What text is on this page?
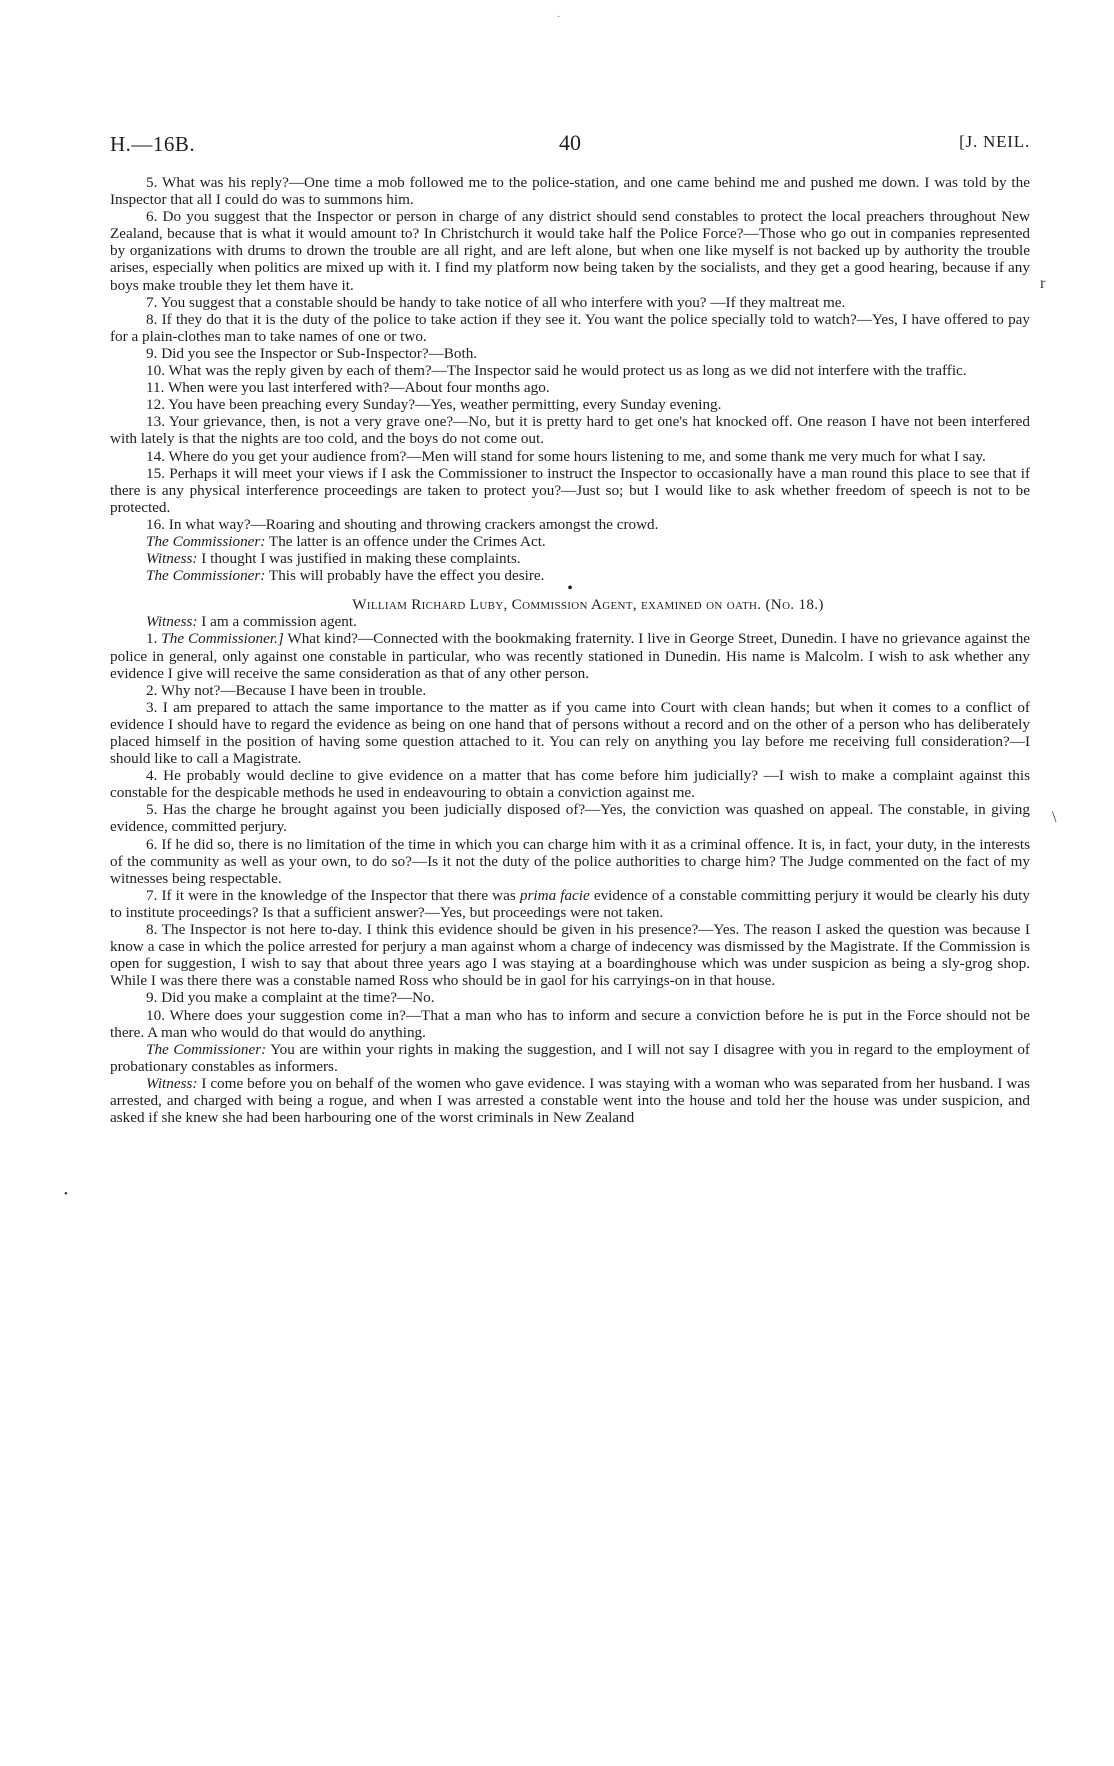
·
r
\
•
H.—16B.	40	[J. NEIL.

5. What was his reply?—One time a mob followed me to the police-station, and one came behind me and pushed me down. I was told by the Inspector that all I could do was to summons him.

6. Do you suggest that the Inspector or person in charge of any district should send constables to protect the local preachers throughout New Zealand, because that is what it would amount to? In Christchurch it would take half the Police Force?—Those who go out in companies represented by organizations with drums to drown the trouble are all right, and are left alone, but when one like myself is not backed up by authority the trouble arises, especially when politics are mixed up with it. I find my platform now being taken by the socialists, and they get a good hearing, because if any boys make trouble they let them have it.

7. You suggest that a constable should be handy to take notice of all who interfere with you? —If they maltreat me.

8. If they do that it is the duty of the police to take action if they see it. You want the police specially told to watch?—Yes, I have offered to pay for a plain-clothes man to take names of one or two.

9. Did you see the Inspector or Sub-Inspector?—Both.

10. What was the reply given by each of them?—The Inspector said he would protect us as long as we did not interfere with the traffic.

11. When were you last interfered with?—About four months ago.

12. You have been preaching every Sunday?—Yes, weather permitting, every Sunday evening.

13. Your grievance, then, is not a very grave one?—No, but it is pretty hard to get one's hat knocked off. One reason I have not been interfered with lately is that the nights are too cold, and the boys do not come out.

14. Where do you get your audience from?—Men will stand for some hours listening to me, and some thank me very much for what I say.

15. Perhaps it will meet your views if I ask the Commissioner to instruct the Inspector to occasionally have a man round this place to see that if there is any physical interference proceedings are taken to protect you?—Just so; but I would like to ask whether freedom of speech is not to be protected.

16. In what way?—Roaring and shouting and throwing crackers amongst the crowd.

The Commissioner: The latter is an offence under the Crimes Act.

Witness: I thought I was justified in making these complaints.

The Commissioner: This will probably have the effect you desire.

•

William Richard Luby, Commission Agent, examined on oath. (No. 18.)

Witness: I am a commission agent.

1. The Commissioner.] What kind?—Connected with the bookmaking fraternity. I live in George Street, Dunedin. I have no grievance against the police in general, only against one constable in particular, who was recently stationed in Dunedin. His name is Malcolm. I wish to ask whether any evidence I give will receive the same consideration as that of any other person.

2. Why not?—Because I have been in trouble.

3. I am prepared to attach the same importance to the matter as if you came into Court with clean hands; but when it comes to a conflict of evidence I should have to regard the evidence as being on one hand that of persons without a record and on the other of a person who has deliberately placed himself in the position of having some question attached to it. You can rely on anything you lay before me receiving full consideration?—I should like to call a Magistrate.

4. He probably would decline to give evidence on a matter that has come before him judicially? —I wish to make a complaint against this constable for the despicable methods he used in endeavouring to obtain a conviction against me.

5. Has the charge he brought against you been judicially disposed of?—Yes, the conviction was quashed on appeal. The constable, in giving evidence, committed perjury.

6. If he did so, there is no limitation of the time in which you can charge him with it as a criminal offence. It is, in fact, your duty, in the interests of the community as well as your own, to do so?—Is it not the duty of the police authorities to charge him? The Judge commented on the fact of my witnesses being respectable.

7. If it were in the knowledge of the Inspector that there was prima facie evidence of a constable committing perjury it would be clearly his duty to institute proceedings? Is that a sufficient answer?—Yes, but proceedings were not taken.

8. The Inspector is not here to-day. I think this evidence should be given in his presence?—Yes. The reason I asked the question was because I know a case in which the police arrested for perjury a man against whom a charge of indecency was dismissed by the Magistrate. If the Commission is open for suggestion, I wish to say that about three years ago I was staying at a boardinghouse which was under suspicion as being a sly-grog shop. While I was there there was a constable named Ross who should be in gaol for his carryings-on in that house.

9. Did you make a complaint at the time?—No.

10. Where does your suggestion come in?—That a man who has to inform and secure a conviction before he is put in the Force should not be there. A man who would do that would do anything.

The Commissioner: You are within your rights in making the suggestion, and I will not say I disagree with you in regard to the employment of probationary constables as informers.

Witness: I come before you on behalf of the women who gave evidence. I was staying with a woman who was separated from her husband. I was arrested, and charged with being a rogue, and when I was arrested a constable went into the house and told her the house was under suspicion, and asked if she knew she had been harbouring one of the worst criminals in New Zealand
